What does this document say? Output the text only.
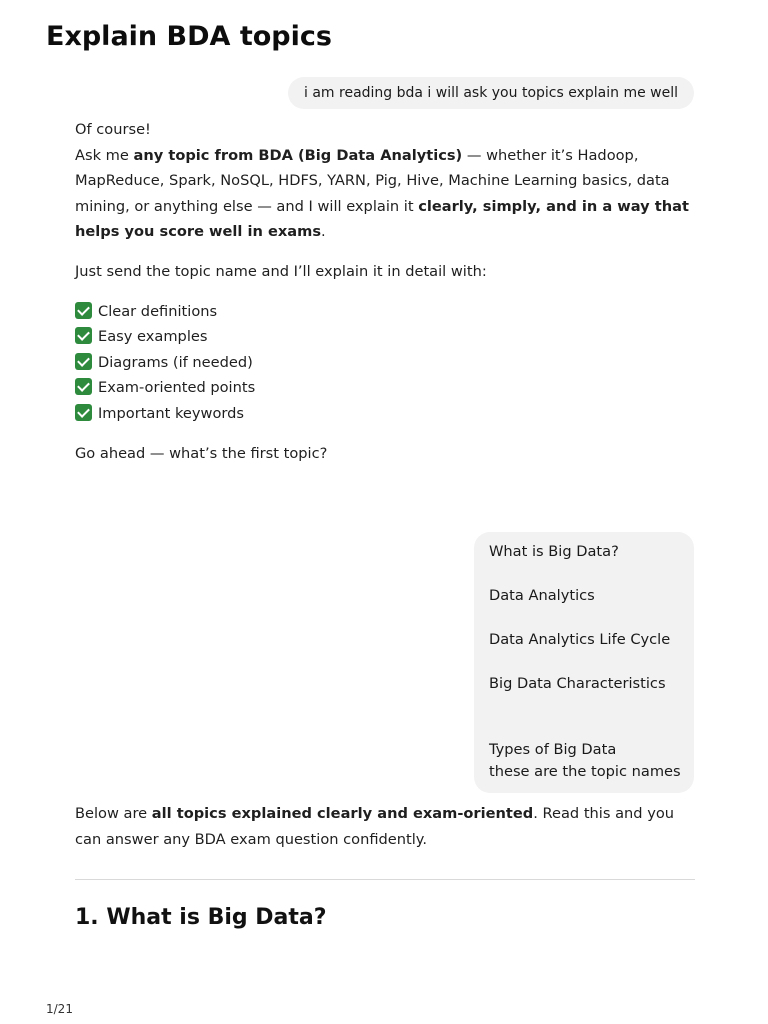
Explain BDA topics
i am reading bda i will ask you topics explain me well

Of course!

Ask me any topic from BDA (Big Data Analytics) — whether it’s Hadoop, MapReduce, Spark, NoSQL, HDFS, YARN, Pig, Hive, Machine Learning basics, data mining, or anything else — and I will explain it clearly, simply, and in a way that helps you score well in exams.

Just send the topic name and I’ll explain it in detail with:

Clear definitions
Easy examples
Diagrams (if needed)
Exam-oriented points
Important keywords

Go ahead — what’s the first topic?

What is Big Data?
Data Analytics
Data Analytics Life Cycle
Big Data Characteristics
Types of Big Data
these are the topic names

Below are all topics explained clearly and exam-oriented. Read this and you can answer any BDA exam question confidently.

1. What is Big Data?
1/21
